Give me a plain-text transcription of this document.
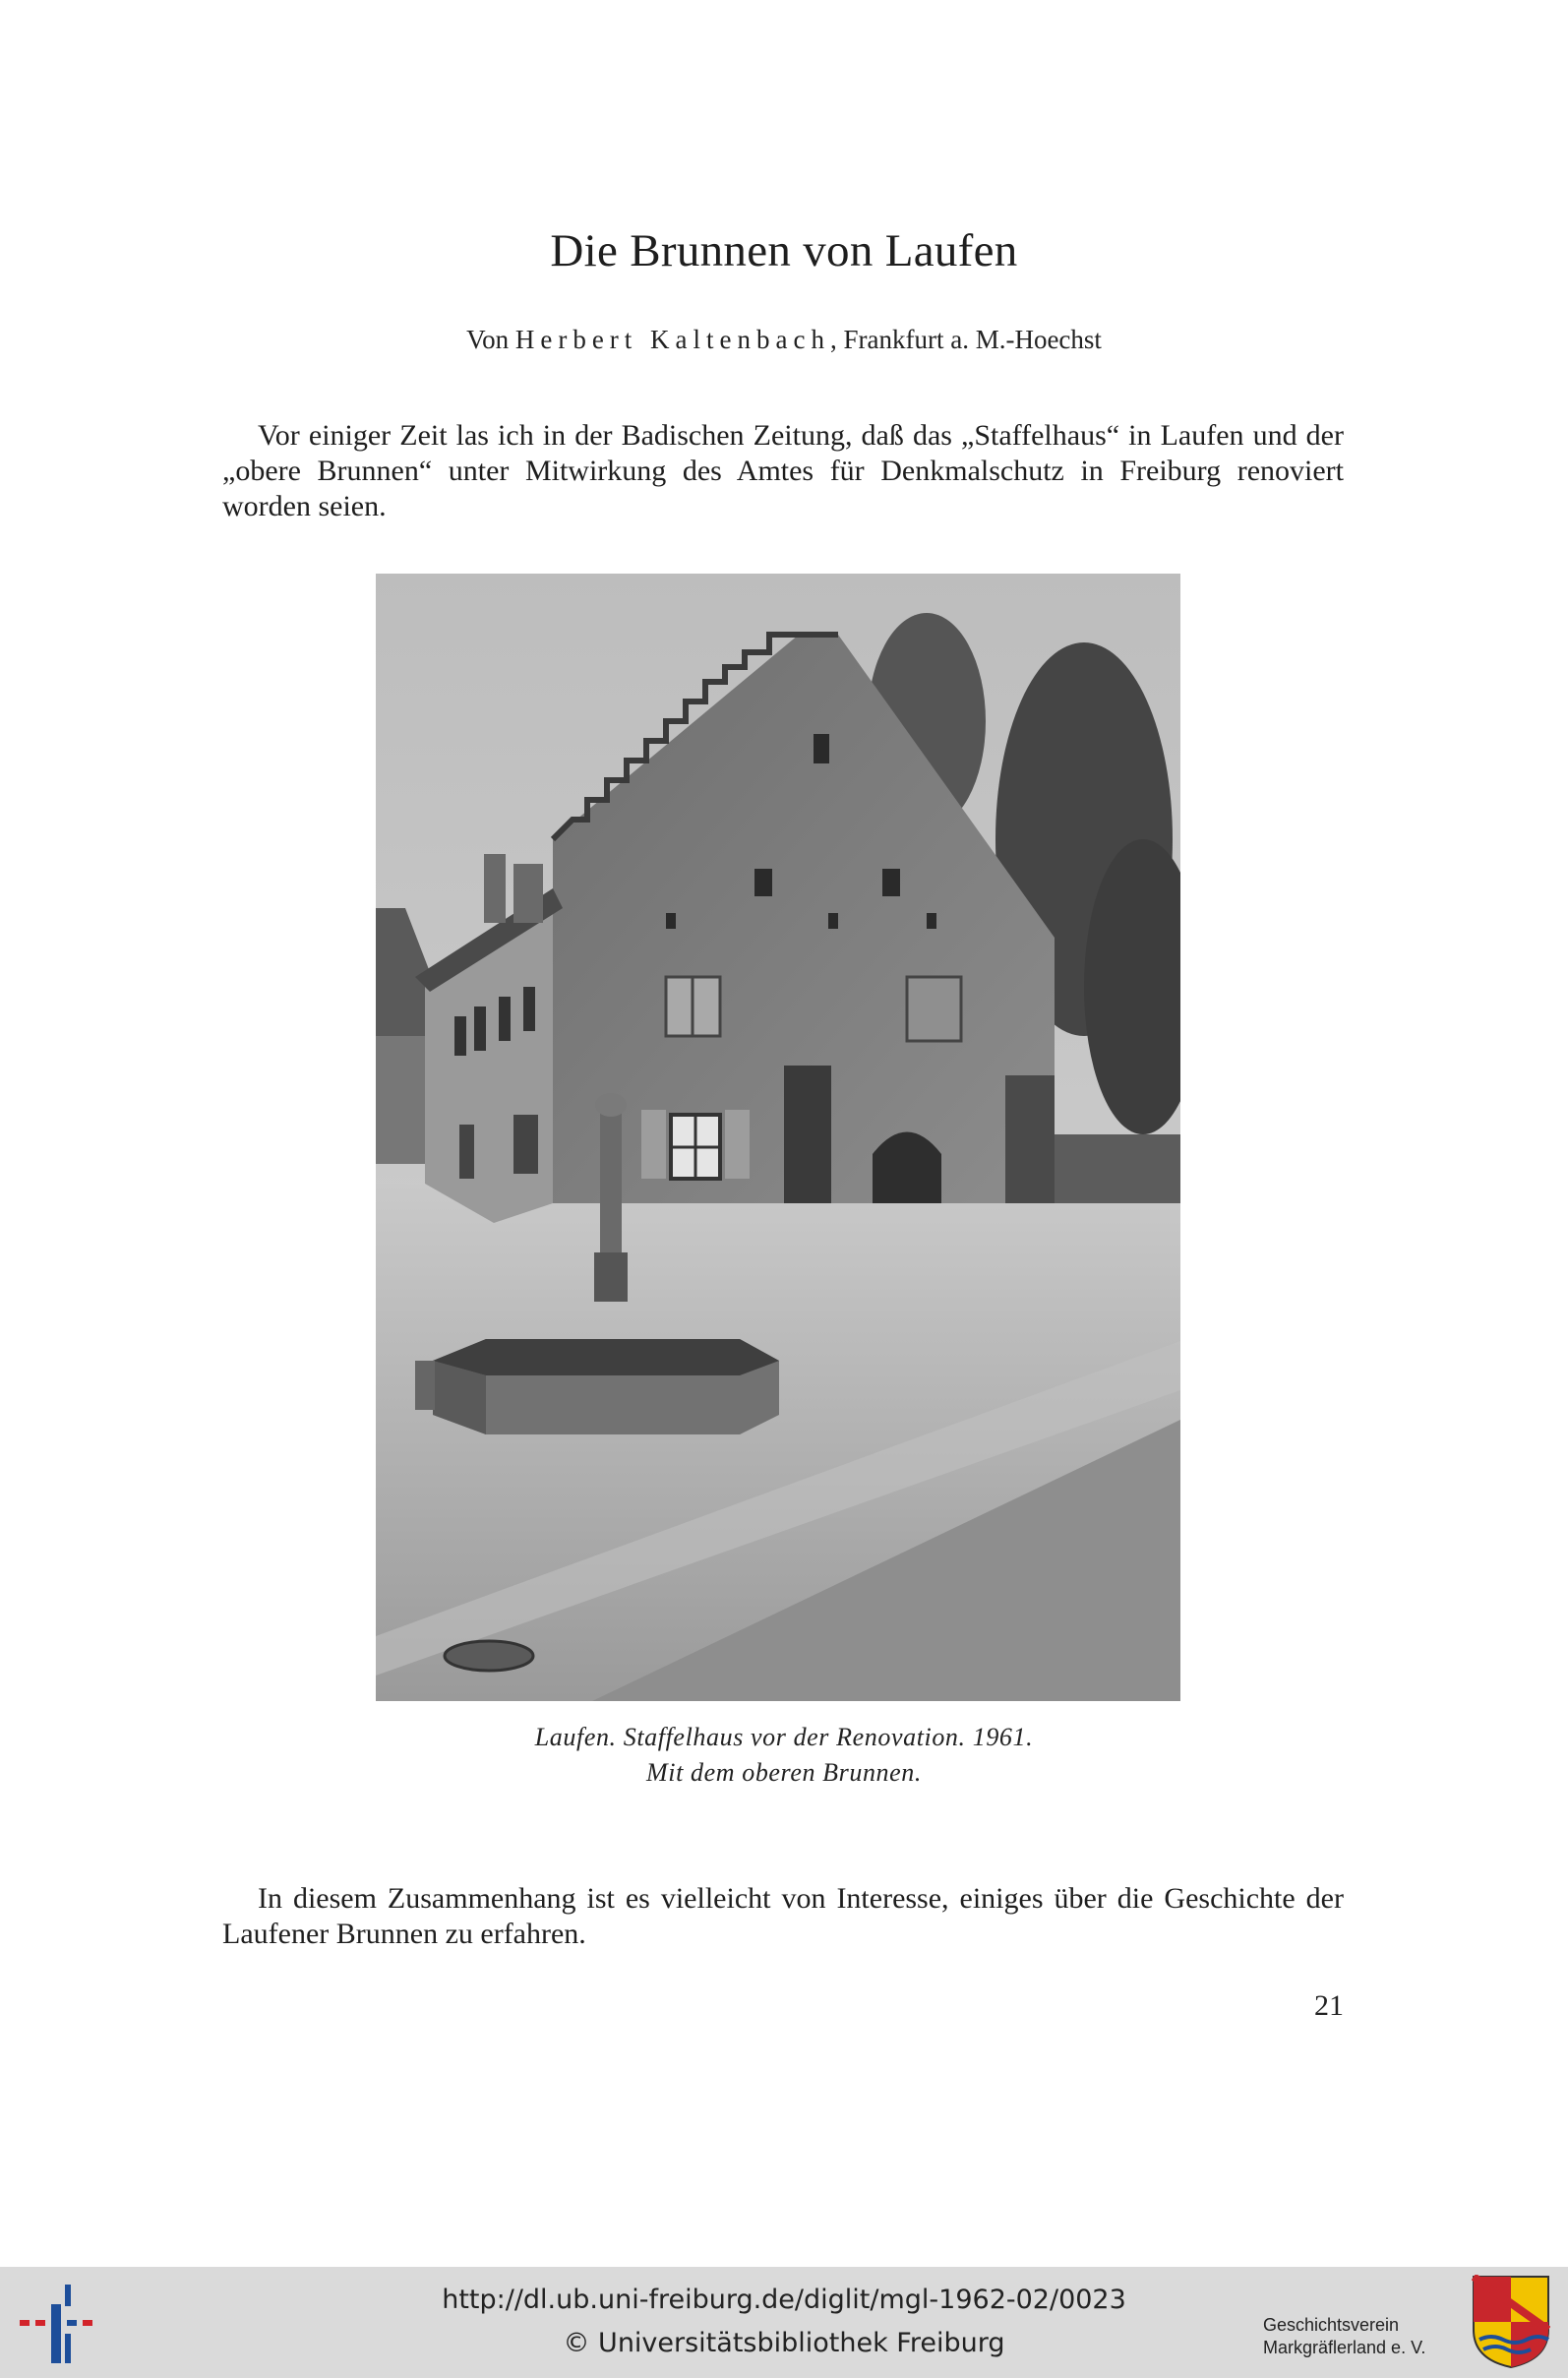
Die Brunnen von Laufen
Von Herbert Kaltenbach, Frankfurt a. M.-Hoechst

Vor einiger Zeit las ich in der Badischen Zeitung, daß das „Staffelhaus“ in Laufen und der „obere Brunnen“ unter Mitwirkung des Amtes für Denkmalschutz in Freiburg renoviert worden seien.

Laufen. Staffelhaus vor der Renovation. 1961.
Mit dem oberen Brunnen.

In diesem Zusammenhang ist es vielleicht von Interesse, einiges über die Geschichte der Laufener Brunnen zu erfahren.

21
http://dl.ub.uni-freiburg.de/diglit/mgl-1962-02/0023
© Universitätsbibliothek Freiburg
Geschichtsverein
Markgräflerland e. V.
